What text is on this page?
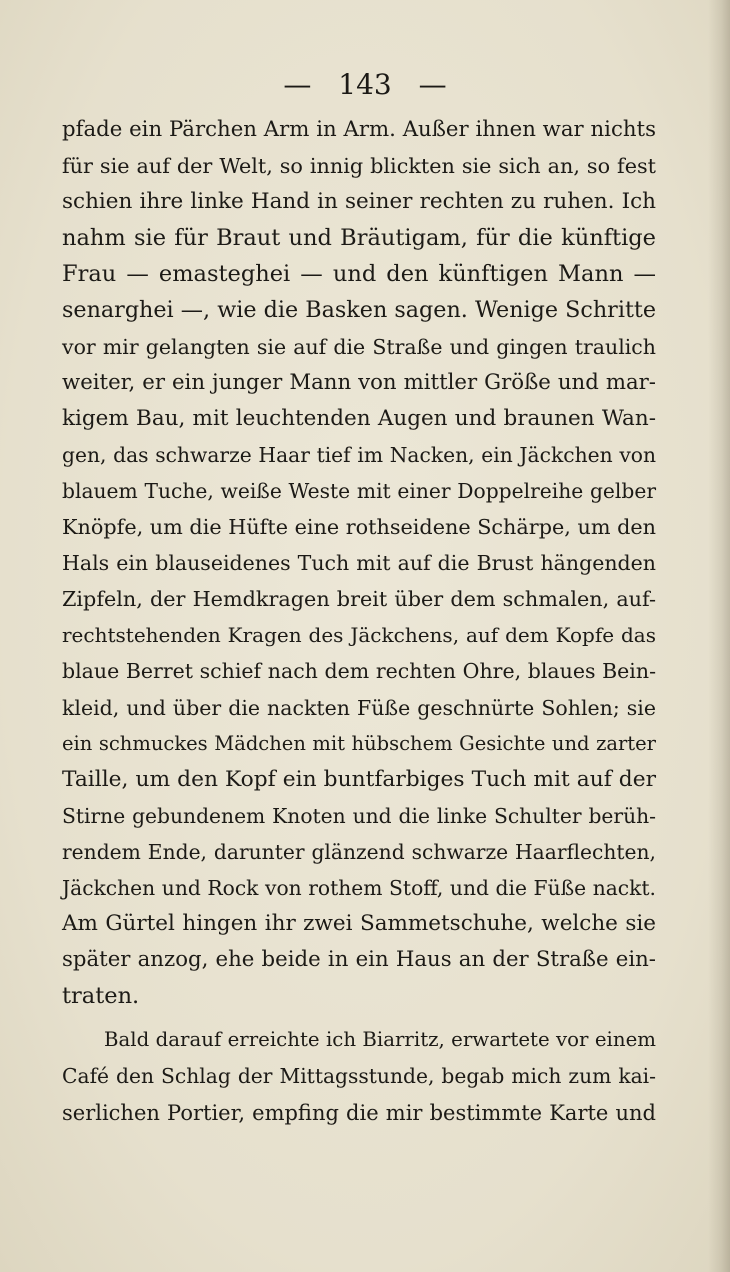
— 143 —
pfade ein Pärchen Arm in Arm. Außer ihnen war nichts
für sie auf der Welt, so innig blickten sie sich an, so fest
schien ihre linke Hand in seiner rechten zu ruhen. Ich
nahm sie für Braut und Bräutigam, für die künftige
Frau — emasteghei — und den künftigen Mann —
senarghei —, wie die Basken sagen. Wenige Schritte
vor mir gelangten sie auf die Straße und gingen traulich
weiter, er ein junger Mann von mittler Größe und mar-
kigem Bau, mit leuchtenden Augen und braunen Wan-
gen, das schwarze Haar tief im Nacken, ein Jäckchen von
blauem Tuche, weiße Weste mit einer Doppelreihe gelber
Knöpfe, um die Hüfte eine rothseidene Schärpe, um den
Hals ein blauseidenes Tuch mit auf die Brust hängenden
Zipfeln, der Hemdkragen breit über dem schmalen, auf-
rechtstehenden Kragen des Jäckchens, auf dem Kopfe das
blaue Berret schief nach dem rechten Ohre, blaues Bein-
kleid, und über die nackten Füße geschnürte Sohlen; sie
ein schmuckes Mädchen mit hübschem Gesichte und zarter
Taille, um den Kopf ein buntfarbiges Tuch mit auf der
Stirne gebundenem Knoten und die linke Schulter berüh-
rendem Ende, darunter glänzend schwarze Haarflechten,
Jäckchen und Rock von rothem Stoff, und die Füße nackt.
Am Gürtel hingen ihr zwei Sammetschuhe, welche sie
später anzog, ehe beide in ein Haus an der Straße ein-
traten.
Bald darauf erreichte ich Biarritz, erwartete vor einem
Café den Schlag der Mittagsstunde, begab mich zum kai-
serlichen Portier, empfing die mir bestimmte Karte und
